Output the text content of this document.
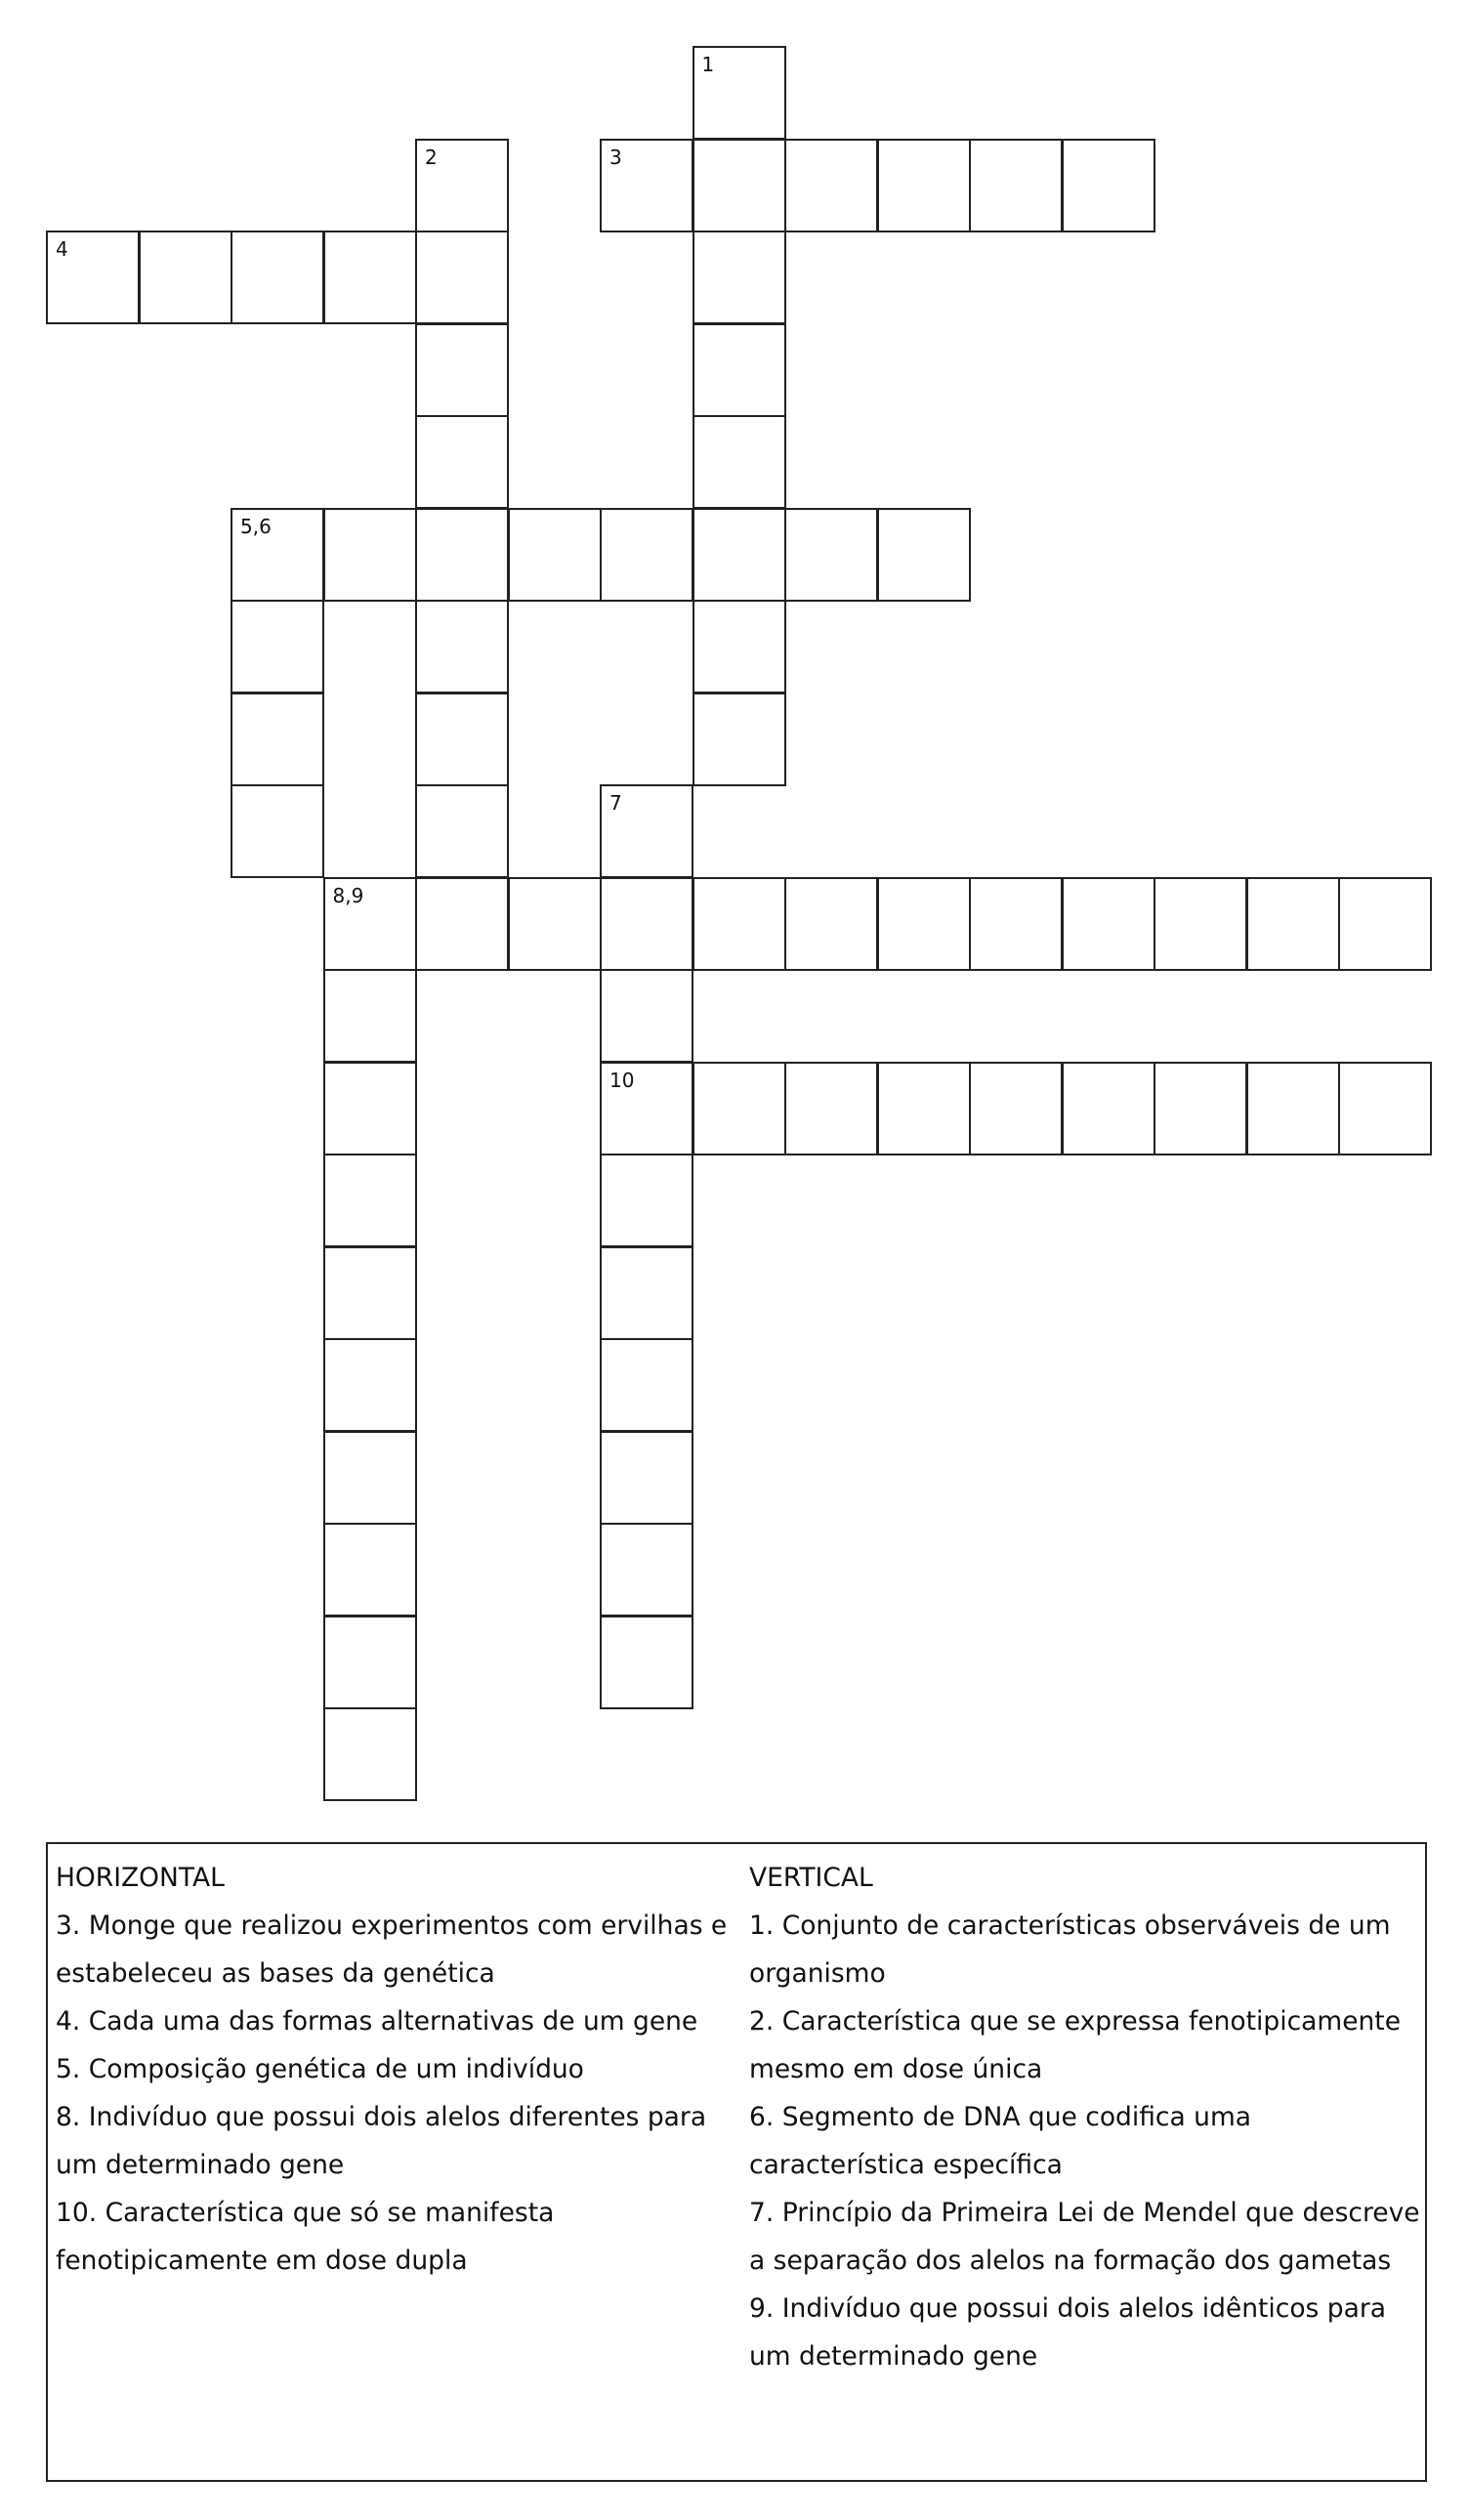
1
2	3
4
5,6
7
8,9
10
HORIZONTAL
3. Monge que realizou experimentos com ervilhas e estabeleceu as bases da genética
4. Cada uma das formas alternativas de um gene
5. Composição genética de um indivíduo
8. Indivíduo que possui dois alelos diferentes para um determinado gene
10. Característica que só se manifesta fenotipicamente em dose dupla
VERTICAL
1. Conjunto de características observáveis de um organismo
2. Característica que se expressa fenotipicamente mesmo em dose única
6. Segmento de DNA que codifica uma característica específica
7. Princípio da Primeira Lei de Mendel que descreve a separação dos alelos na formação dos gametas
9. Indivíduo que possui dois alelos idênticos para um determinado gene
